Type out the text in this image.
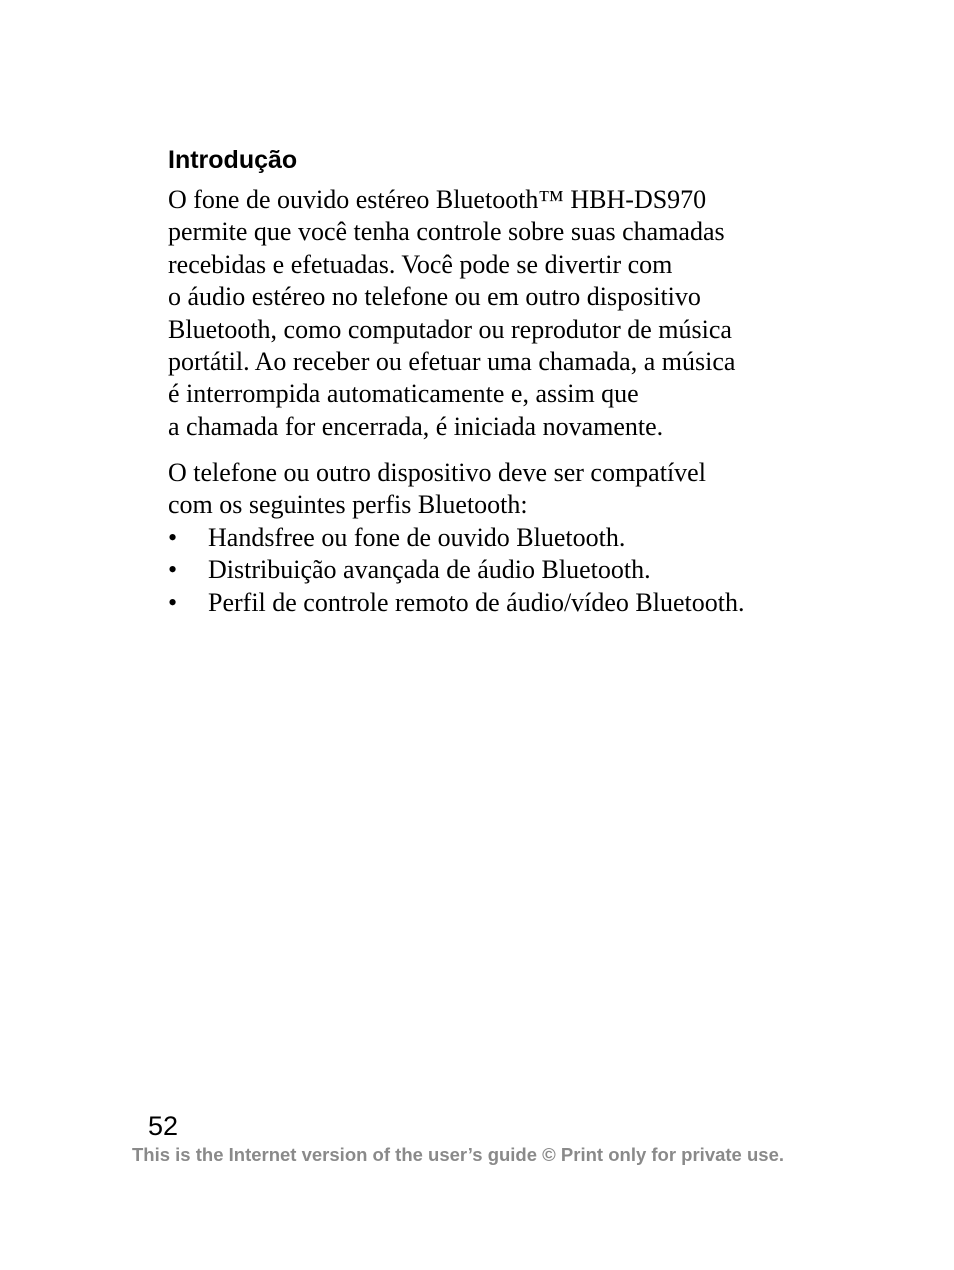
Introdução
O fone de ouvido estéreo Bluetooth™ HBH-DS970
permite que você tenha controle sobre suas chamadas
recebidas e efetuadas. Você pode se divertir com
o áudio estéreo no telefone ou em outro dispositivo
Bluetooth, como computador ou reprodutor de música
portátil. Ao receber ou efetuar uma chamada, a música
é interrompida automaticamente e, assim que
a chamada for encerrada, é iniciada novamente.
O telefone ou outro dispositivo deve ser compatível
com os seguintes perfis Bluetooth:
•	Handsfree ou fone de ouvido Bluetooth.
•	Distribuição avançada de áudio Bluetooth.
•	Perfil de controle remoto de áudio/vídeo Bluetooth.
52
This is the Internet version of the user’s guide © Print only for private use.
